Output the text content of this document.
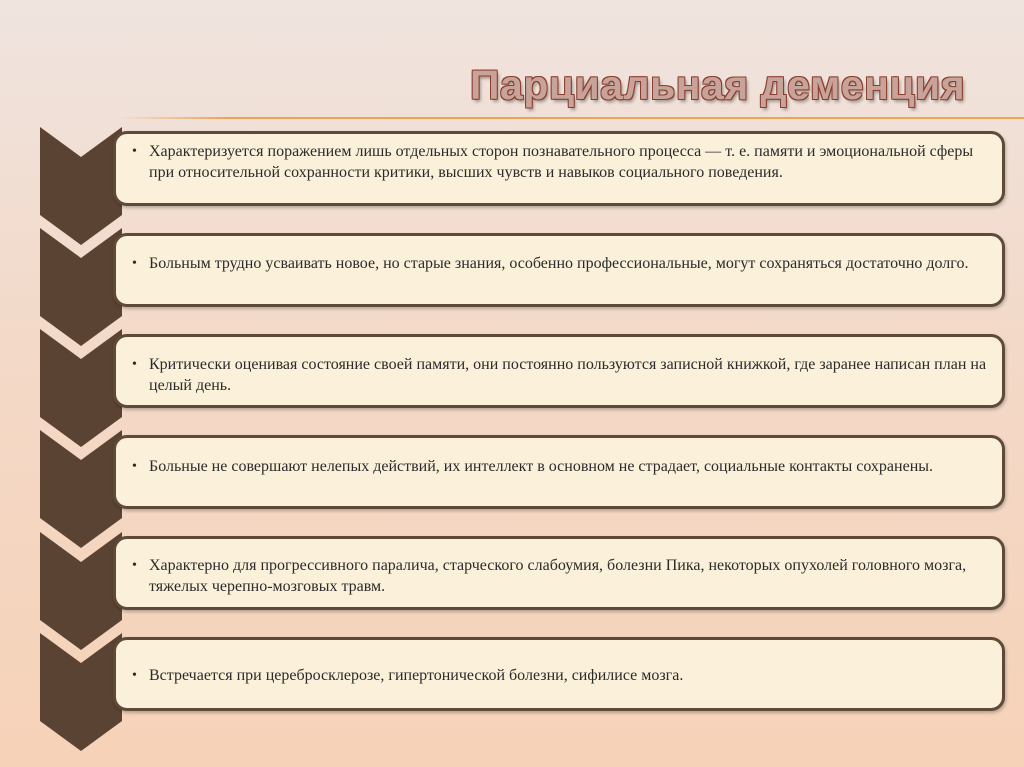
Парциальная деменция
• Характеризуется поражением лишь отдельных сторон познавательного процесса — т. е. памяти и эмоциональной сферы при относительной сохранности критики, высших чувств и навыков социального поведения.
• Больным трудно усваивать новое, но старые знания, особенно профессиональные, могут сохраняться достаточно долго.
• Критически оценивая состояние своей памяти, они постоянно пользуются записной книжкой, где заранее написан план на целый день.
• Больные не совершают нелепых действий, их интеллект в основном не страдает, социальные контакты сохранены.
• Характерно для прогрессивного паралича, старческого слабоумия, болезни Пика, некоторых опухолей головного мозга, тяжелых черепно-мозговых травм.
• Встречается при церебросклерозе, гипертонической болезни, сифилисе мозга.
